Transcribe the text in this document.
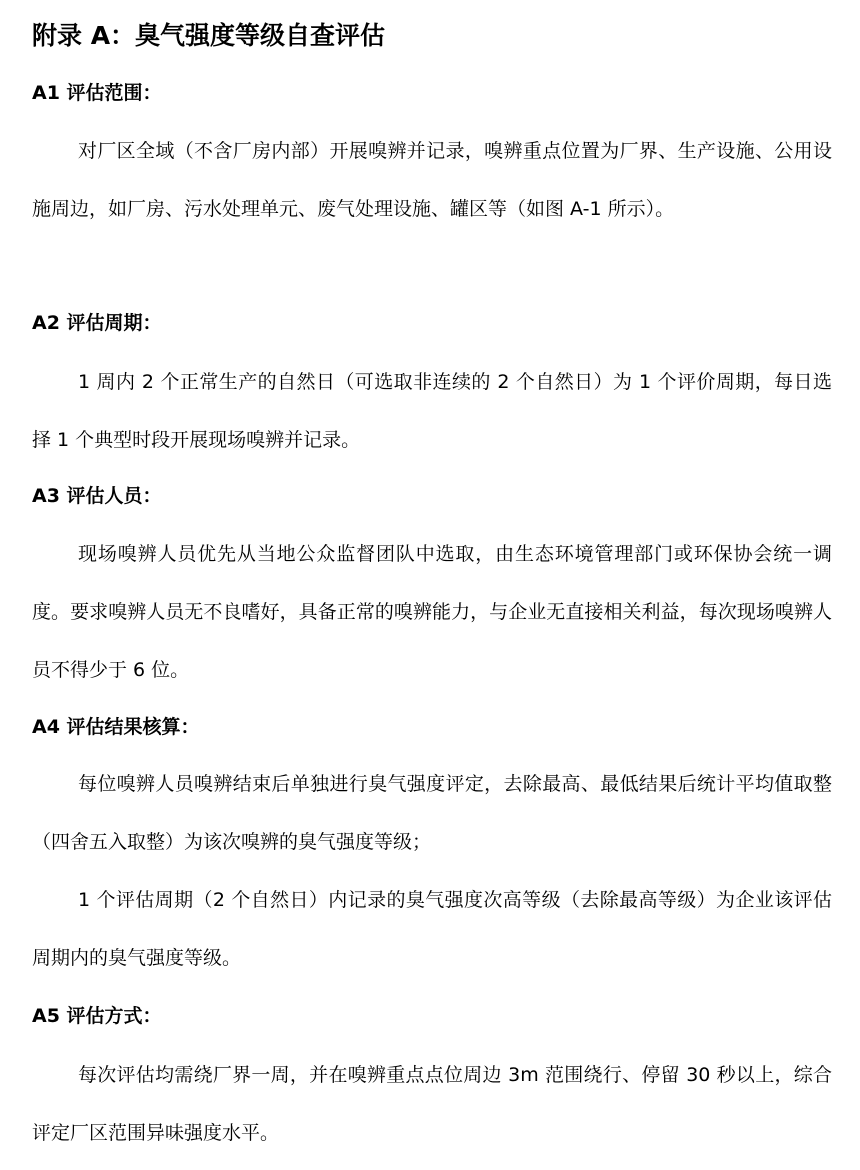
附录 A：臭气强度等级自查评估
A1 评估范围：
对厂区全域（不含厂房内部）开展嗅辨并记录，嗅辨重点位置为厂界、生产设施、公用设施周边，如厂房、污水处理单元、废气处理设施、罐区等（如图 A-1 所示）。
A2 评估周期：
1 周内 2 个正常生产的自然日（可选取非连续的 2 个自然日）为 1 个评价周期，每日选择 1 个典型时段开展现场嗅辨并记录。
A3 评估人员：
现场嗅辨人员优先从当地公众监督团队中选取，由生态环境管理部门或环保协会统一调度。要求嗅辨人员无不良嗜好，具备正常的嗅辨能力，与企业无直接相关利益，每次现场嗅辨人员不得少于 6 位。
A4 评估结果核算：
每位嗅辨人员嗅辨结束后单独进行臭气强度评定，去除最高、最低结果后统计平均值取整（四舍五入取整）为该次嗅辨的臭气强度等级；
1 个评估周期（2 个自然日）内记录的臭气强度次高等级（去除最高等级）为企业该评估周期内的臭气强度等级。
A5 评估方式：
每次评估均需绕厂界一周，并在嗅辨重点点位周边 3m 范围绕行、停留 30 秒以上，综合评定厂区范围异味强度水平。
